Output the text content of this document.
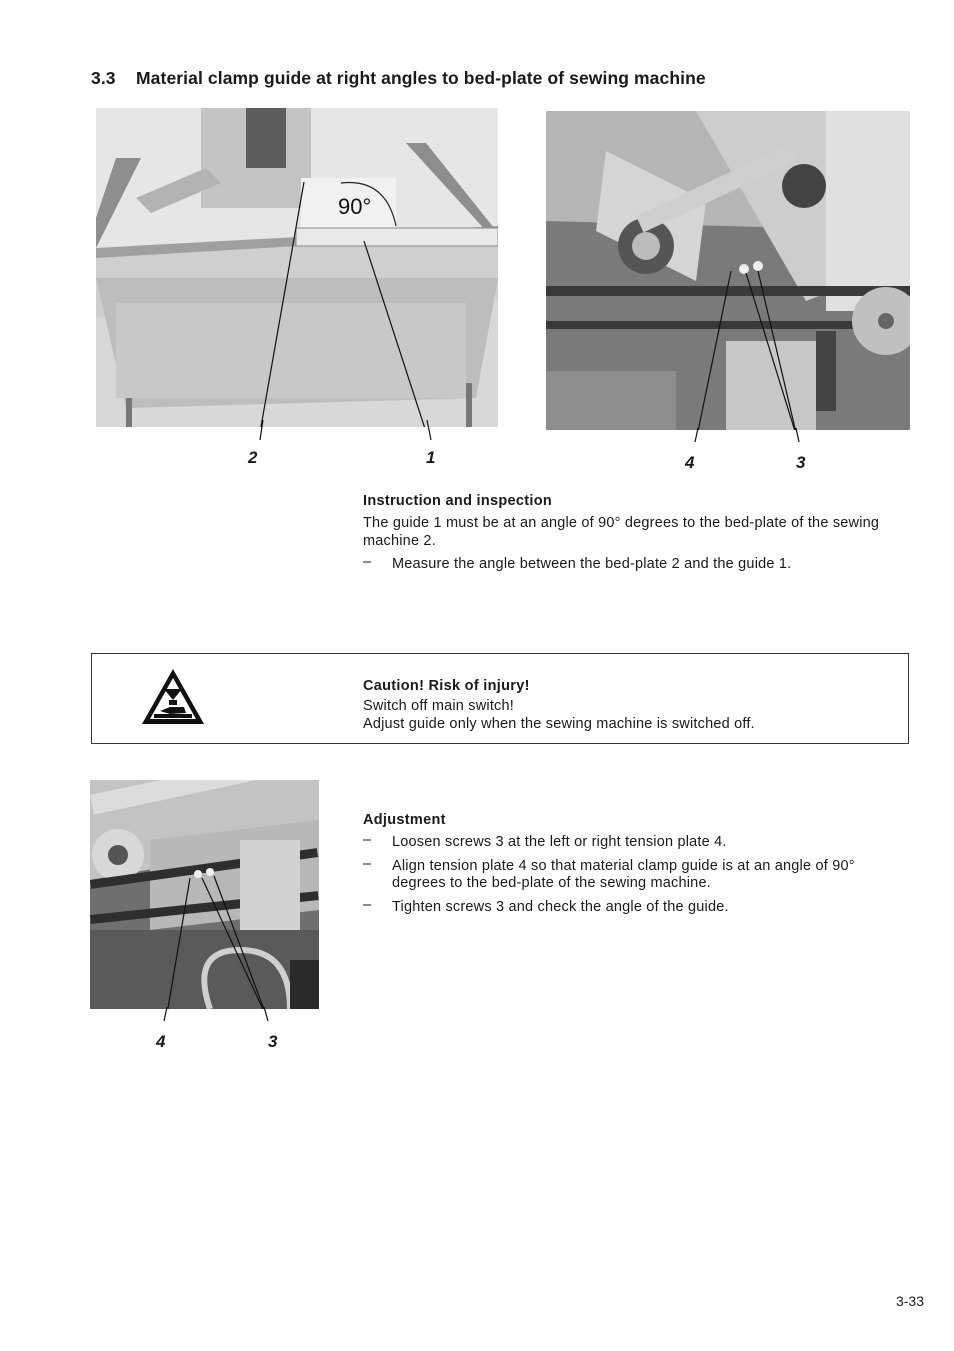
3.3 Material clamp guide at right angles to bed-plate of sewing machine
90°
2	1	4	3
Instruction and inspection
The guide 1 must be at an angle of 90° degrees to the bed-plate of the sewing machine 2.
– Measure the angle between the bed-plate 2 and the guide 1.
Caution! Risk of injury!
Switch off main switch!
Adjust guide only when the sewing machine is switched off.
4	3
Adjustment
– Loosen screws 3 at the left or right tension plate 4.
– Align tension plate 4 so that material clamp guide is at an angle of 90° degrees to the bed-plate of the sewing machine.
– Tighten screws 3 and check the angle of the guide.
3-33
